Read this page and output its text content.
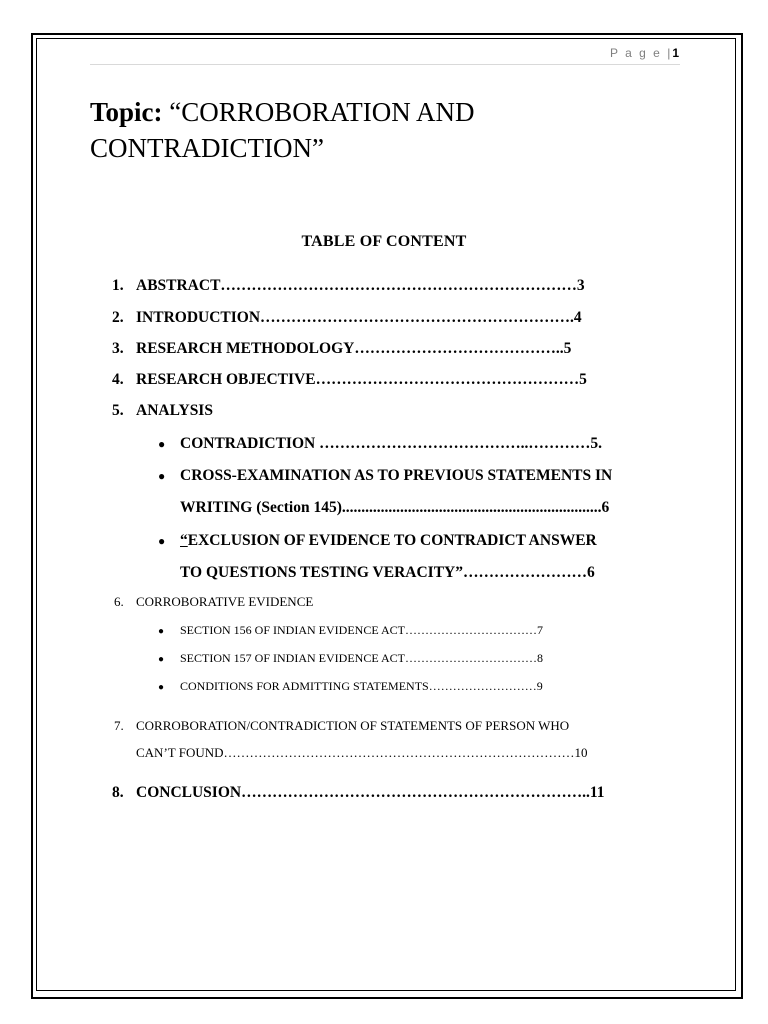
P a g e |1
Topic: “CORROBORATION AND
CONTRADICTION”
TABLE OF CONTENT
1. ABSTRACT……………………………………………………………3
2. INTRODUCTION…………………………………………………….4
3. RESEARCH METHODOLOGY…………………………………..5
4. RESEARCH OBJECTIVE……………………………………………5
5. ANALYSIS
● CONTRADICTION …………………………………..…………5.
● CROSS-EXAMINATION AS TO PREVIOUS STATEMENTS IN
WRITING (Section 145)...................................................................6
● “EXCLUSION OF EVIDENCE TO CONTRADICT ANSWER
TO QUESTIONS TESTING VERACITY”……………………6
6. CORROBORATIVE EVIDENCE
● SECTION 156 OF INDIAN EVIDENCE ACT……………………………7
● SECTION 157 OF INDIAN EVIDENCE ACT……………………………8
● CONDITIONS FOR ADMITTING STATEMENTS………………………9
7. CORROBORATION/CONTRADICTION OF STATEMENTS OF PERSON WHO
CAN’T FOUND………………………………………………………………………10
8. CONCLUSION…………………………………………………………..11
